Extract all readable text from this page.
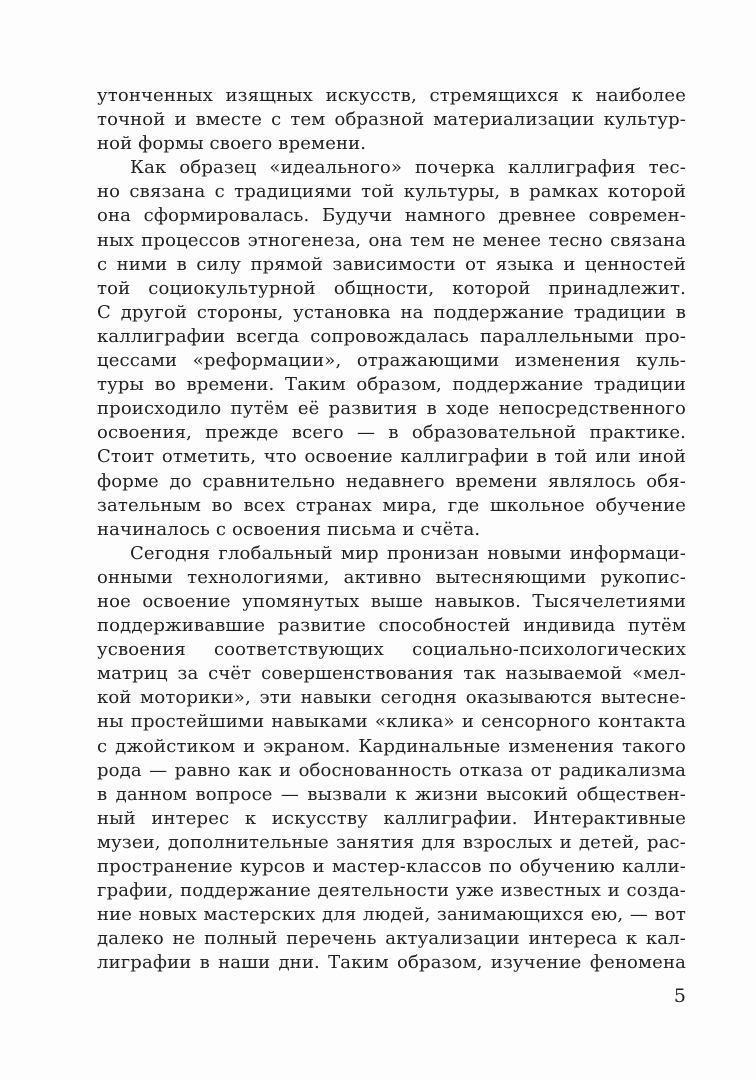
утонченных изящных искусств, стремящихся к наиболее
точной и вместе с тем образной материализации культур-
ной формы своего времени.

Как образец «идеального» почерка каллиграфия тес-
но связана с традициями той культуры, в рамках которой
она сформировалась. Будучи намного древнее современ-
ных процессов этногенеза, она тем не менее тесно связана
с ними в силу прямой зависимости от языка и ценностей
той социокультурной общности, которой принадлежит.
С другой стороны, установка на поддержание традиции в
каллиграфии всегда сопровождалась параллельными про-
цессами «реформации», отражающими изменения куль-
туры во времени. Таким образом, поддержание традиции
происходило путём её развития в ходе непосредственного
освоения, прежде всего — в образовательной практике.
Стоит отметить, что освоение каллиграфии в той или иной
форме до сравнительно недавнего времени являлось обя-
зательным во всех странах мира, где школьное обучение
начиналось с освоения письма и счёта.

Сегодня глобальный мир пронизан новыми информаци-
онными технологиями, активно вытесняющими рукопис-
ное освоение упомянутых выше навыков. Тысячелетиями
поддерживавшие развитие способностей индивида путём
усвоения соответствующих социально-психологических
матриц за счёт совершенствования так называемой «мел-
кой моторики», эти навыки сегодня оказываются вытесне-
ны простейшими навыками «клика» и сенсорного контакта
с джойстиком и экраном. Кардинальные изменения такого
рода — равно как и обоснованность отказа от радикализма
в данном вопросе — вызвали к жизни высокий обществен-
ный интерес к искусству каллиграфии. Интерактивные
музеи, дополнительные занятия для взрослых и детей, рас-
пространение курсов и мастер-классов по обучению калли-
графии, поддержание деятельности уже известных и созда-
ние новых мастерских для людей, занимающихся ею, — вот
далеко не полный перечень актуализации интереса к кал-
лиграфии в наши дни. Таким образом, изучение феномена

5
